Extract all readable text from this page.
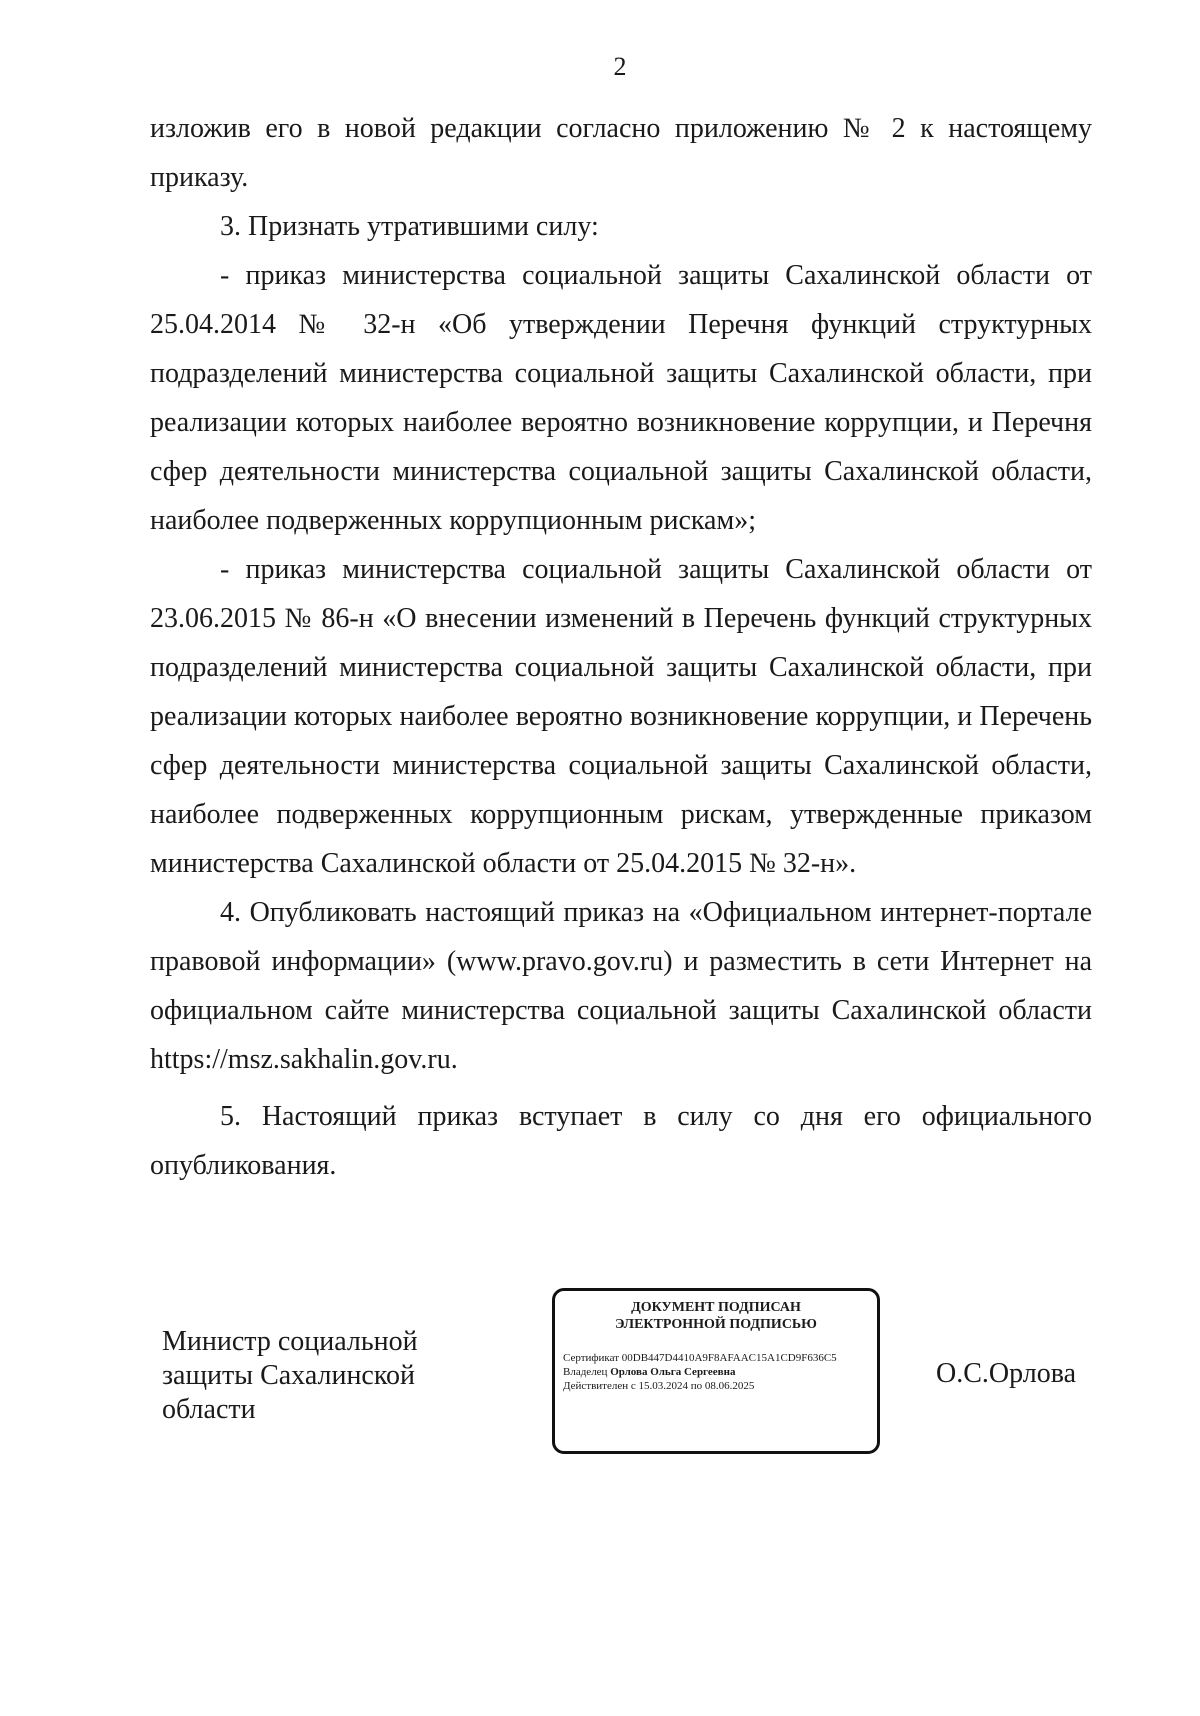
2

изложив его в новой редакции согласно приложению № 2 к настоящему приказу.

3. Признать утратившими силу:

- приказ министерства социальной защиты Сахалинской области от 25.04.2014 № 32-н «Об утверждении Перечня функций структурных подразделений министерства социальной защиты Сахалинской области, при реализации которых наиболее вероятно возникновение коррупции, и Перечня сфер деятельности министерства социальной защиты Сахалинской области, наиболее подверженных коррупционным рискам»;

- приказ министерства социальной защиты Сахалинской области от 23.06.2015 № 86-н «О внесении изменений в Перечень функций структурных подразделений министерства социальной защиты Сахалинской области, при реализации которых наиболее вероятно возникновение коррупции, и Перечень сфер деятельности министерства социальной защиты Сахалинской области, наиболее подверженных коррупционным рискам, утвержденные приказом министерства Сахалинской области от 25.04.2015 № 32-н».

4. Опубликовать настоящий приказ на «Официальном интернет-портале правовой информации» (www.pravo.gov.ru) и разместить в сети Интернет на официальном сайте министерства социальной защиты Сахалинской области https://msz.sakhalin.gov.ru.

5. Настоящий приказ вступает в силу со дня его официального опубликования.

Министр социальной
защиты Сахалинской
области
ДОКУМЕНТ ПОДПИСАН
ЭЛЕКТРОННОЙ ПОДПИСЬЮ
Сертификат 00DB447D4410A9F8AFAAC15A1CD9F636C5
Владелец Орлова Ольга Сергеевна
Действителен с 15.03.2024 по 08.06.2025	О.С.Орлова
